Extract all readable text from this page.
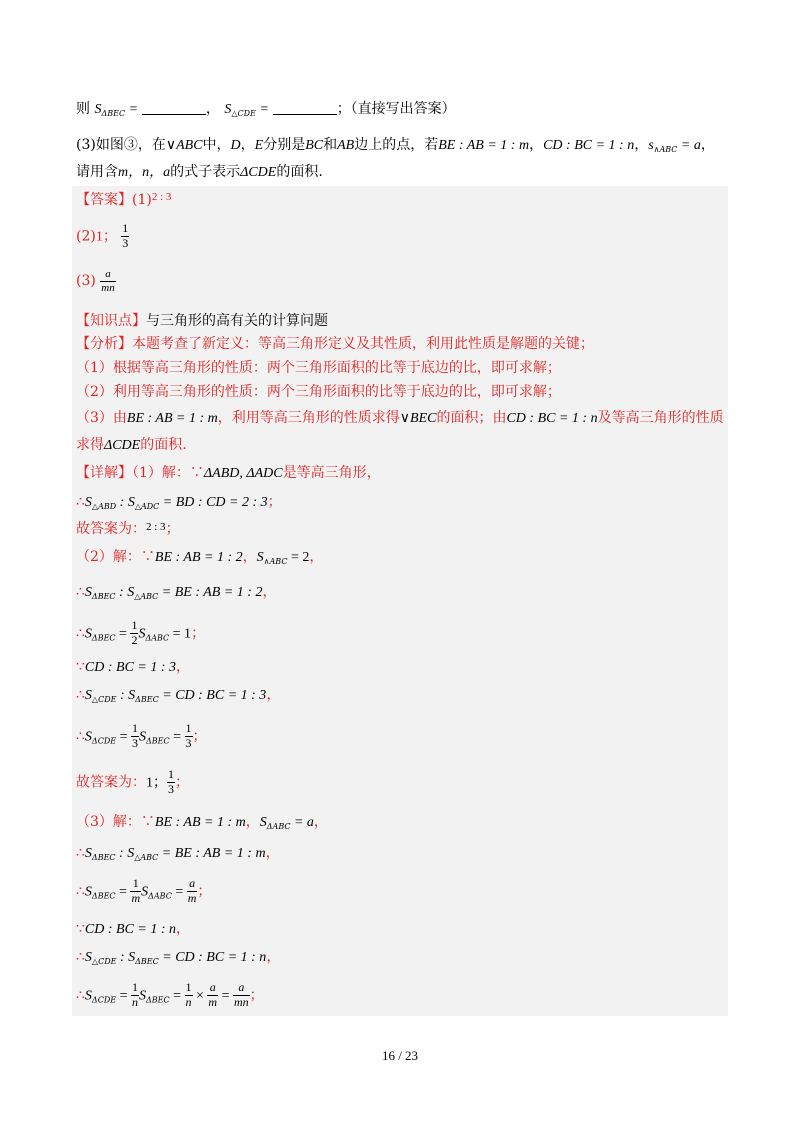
则 $S_{\Delta BEC}$ =	， $S_{\triangle CDE}$ =	；（直接写出答案）
(3)如图③，在∨ABC中，D，E分别是BC和AB边上的点，若BE : AB = 1 : m，CD : BC = 1 : n，$s_{\wedge ABC} = a$，
请用含m，n，a的式子表示ΔCDE的面积.
【答案】$(1)^{2 : 3}$
(2)1； $\frac{1}{3}$
$(3) \frac{a}{mn}$
【知识点】与三角形的高有关的计算问题
【分析】本题考查了新定义：等高三角形定义及其性质，利用此性质是解题的关键；
（1）根据等高三角形的性质：两个三角形面积的比等于底边的比，即可求解；
（2）利用等高三角形的性质：两个三角形面积的比等于底边的比，即可求解；
（3）由BE : AB = 1 : m，利用等高三角形的性质求得∨BEC的面积；由CD : BC = 1 : n及等高三角形的性质
求得ΔCDE的面积.
【详解】（1）解：∵ΔABD, ΔADC是等高三角形，
$\therefore S_{\triangle ABD}$ : $S_{\triangle ADC}$ = BD : CD = 2 : 3；
故答案为：$^{2 : 3}$；
（2）解：∵BE : AB = 1 : 2，$S_{\wedge ABC} = 2$，
$\therefore S_{\Delta BEC}$ : $S_{\triangle ABC}$ = BE : AB = 1 : 2，
$\therefore S_{\Delta BEC} = \frac{1}{2} S_{\Delta ABC} = 1$；
∵CD : BC = 1 : 3，
$\therefore S_{\triangle CDE}$ : $S_{\Delta BEC}$ = CD : BC = 1 : 3，
$\therefore S_{\Delta CDE} = \frac{1}{3} S_{\Delta BEC} = \frac{1}{3}$ ；
故答案为：1； $\frac{1}{3}$ ；
（3）解：∵BE : AB = 1 : m，$S_{\Delta ABC} = a$，
$\therefore S_{\Delta BEC}$ : $S_{\triangle ABC}$ = BE : AB = 1 : m，
$\therefore S_{\Delta BEC} = \frac{1}{m} S_{\Delta ABC} = \frac{a}{m}$ ；
∵CD : BC = 1 : n，
$\therefore S_{\triangle CDE}$ : $S_{\Delta BEC}$ = CD : BC = 1 : n，
$\therefore S_{\Delta CDE} = \frac{1}{n} S_{\Delta BEC} = \frac{1}{n} \times \frac{a}{m} = \frac{a}{mn}$ ；
16 / 23
